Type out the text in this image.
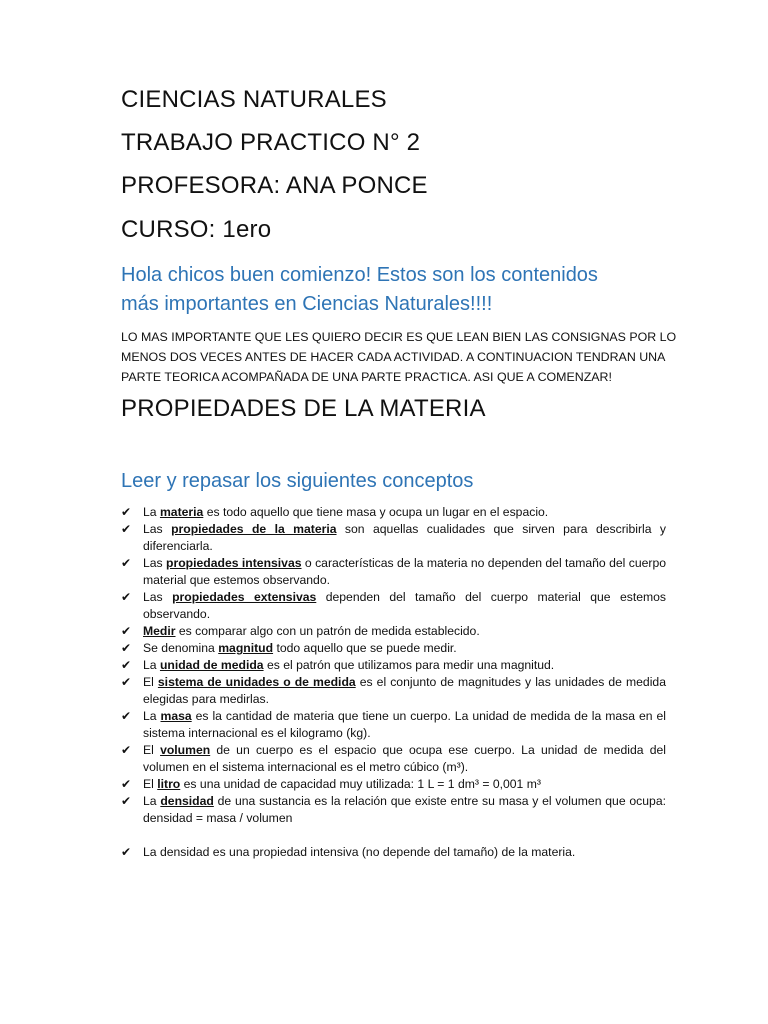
CIENCIAS NATURALES
TRABAJO PRACTICO N° 2
PROFESORA: ANA PONCE
CURSO: 1ero
Hola chicos buen comienzo! Estos son los contenidos
más importantes en Ciencias Naturales!!!!
LO MAS IMPORTANTE QUE LES QUIERO DECIR ES QUE LEAN BIEN LAS CONSIGNAS POR LO
MENOS DOS VECES ANTES DE HACER CADA ACTIVIDAD. A CONTINUACION TENDRAN UNA
PARTE TEORICA ACOMPAÑADA DE UNA PARTE PRACTICA. ASI QUE A COMENZAR!
PROPIEDADES DE LA MATERIA
Leer y repasar los siguientes conceptos
✔ La materia es todo aquello que tiene masa y ocupa un lugar en el espacio.
✔ Las propiedades de la materia son aquellas cualidades que sirven para describirla y diferenciarla.
✔ Las propiedades intensivas o características de la materia no dependen del tamaño del cuerpo material que estemos observando.
✔ Las propiedades extensivas dependen del tamaño del cuerpo material que estemos observando.
✔ Medir es comparar algo con un patrón de medida establecido.
✔ Se denomina magnitud todo aquello que se puede medir.
✔ La unidad de medida es el patrón que utilizamos para medir una magnitud.
✔ El sistema de unidades o de medida es el conjunto de magnitudes y las unidades de medida elegidas para medirlas.
✔ La masa es la cantidad de materia que tiene un cuerpo. La unidad de medida de la masa en el sistema internacional es el kilogramo (kg).
✔ El volumen de un cuerpo es el espacio que ocupa ese cuerpo. La unidad de medida del volumen en el sistema internacional es el metro cúbico (m³).
✔ El litro es una unidad de capacidad muy utilizada: 1 L = 1 dm³ = 0,001 m³
✔ La densidad de una sustancia es la relación que existe entre su masa y el volumen que ocupa: densidad = masa / volumen
✔ La densidad es una propiedad intensiva (no depende del tamaño) de la materia.
